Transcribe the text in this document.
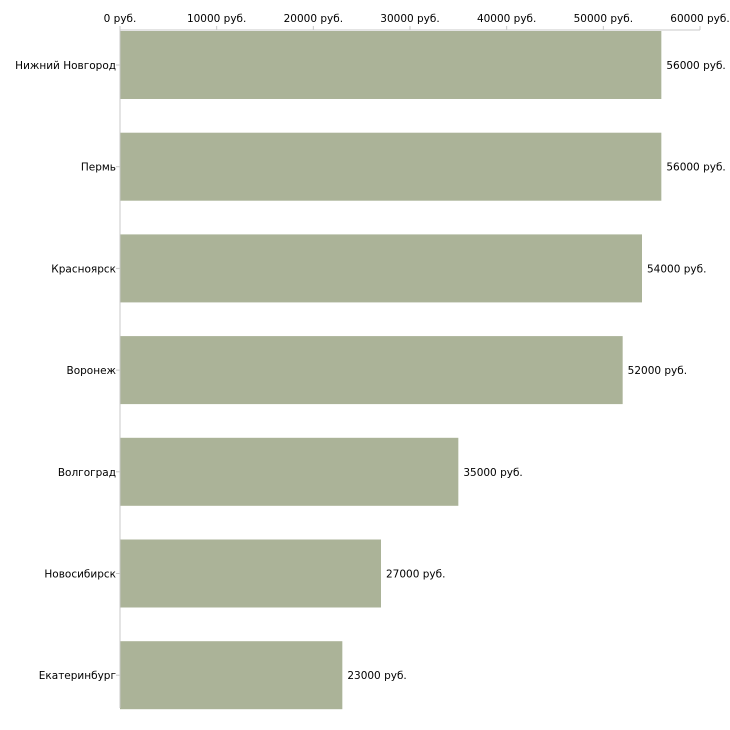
0 руб.	10000 руб.	20000 руб.	30000 руб.	40000 руб.	50000 руб.	60000 руб.
56000 руб.
56000 руб.
54000 руб.
52000 руб.
35000 руб.
27000 руб.
23000 руб.
Нижний Новгород
Пермь
Красноярск
Воронеж
Волгоград
Новосибирск
Екатеринбург
